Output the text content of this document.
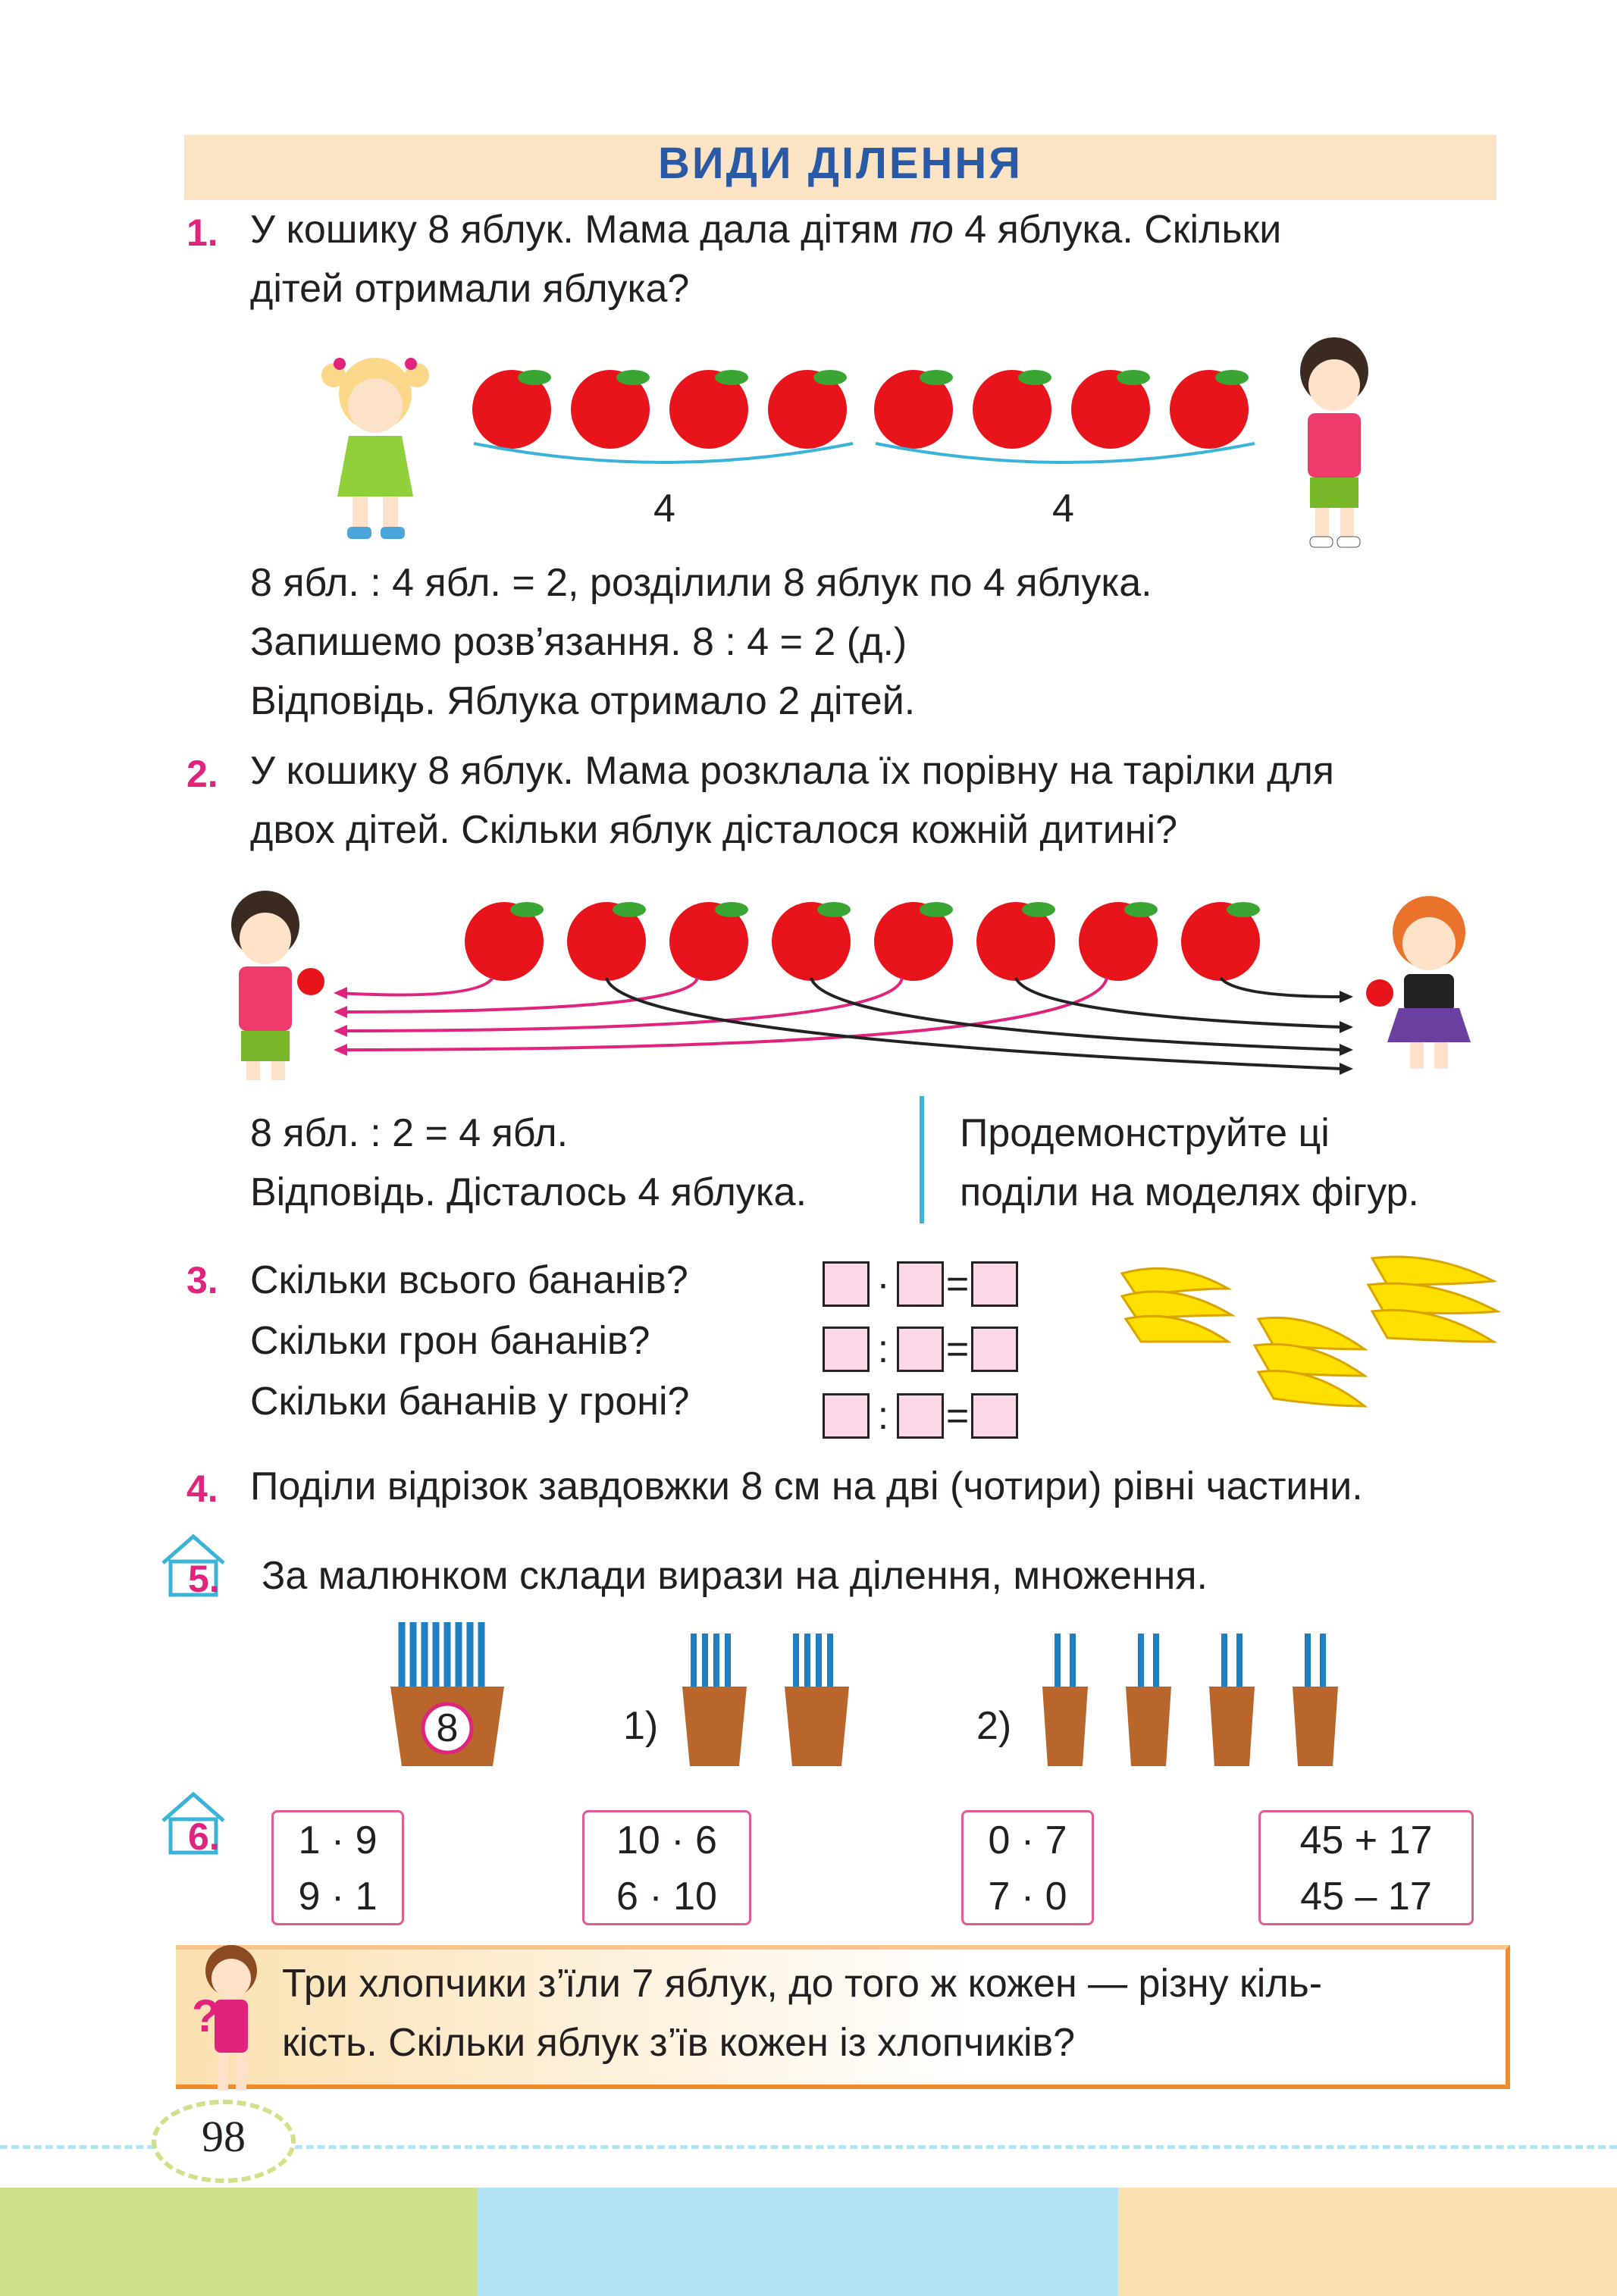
ВИДИ ДІЛЕННЯ
1. У кошику 8 яблук. Мама дала дітям по 4 яблука. Скільки
дітей отримали яблука?
4	4
8 ябл. : 4 ябл. = 2, розділили 8 яблук по 4 яблука.
Запишемо розв’язання. 8 : 4 = 2 (д.)
Відповідь. Яблука отримало 2 дітей.
2. У кошику 8 яблук. Мама розклала їх порівну на тарілки для
двох дітей. Скільки яблук дісталося кожній дитині?
8 ябл. : 2 = 4 ябл.
Відповідь. Дісталось 4 яблука.
Продемонструйте ці
поділи на моделях фігур.
3. Скільки всього бананів?
Скільки грон бананів?
Скільки бананів у гроні?
· =
: =
: =
4. Поділи відрізок завдовжки 8 см на дві (чотири) рівні частини.
5. За малюнком склади вирази на ділення, множення.
8	1)	2)
6.	1 · 9
9 · 1
10 · 6
6 · 10
0 · 7
7 · 0
45 + 17
45 – 17
?
Три хлопчики з’їли 7 яблук, до того ж кожен — різну кіль-
кість. Скільки яблук з’їв кожен із хлопчиків?
98
